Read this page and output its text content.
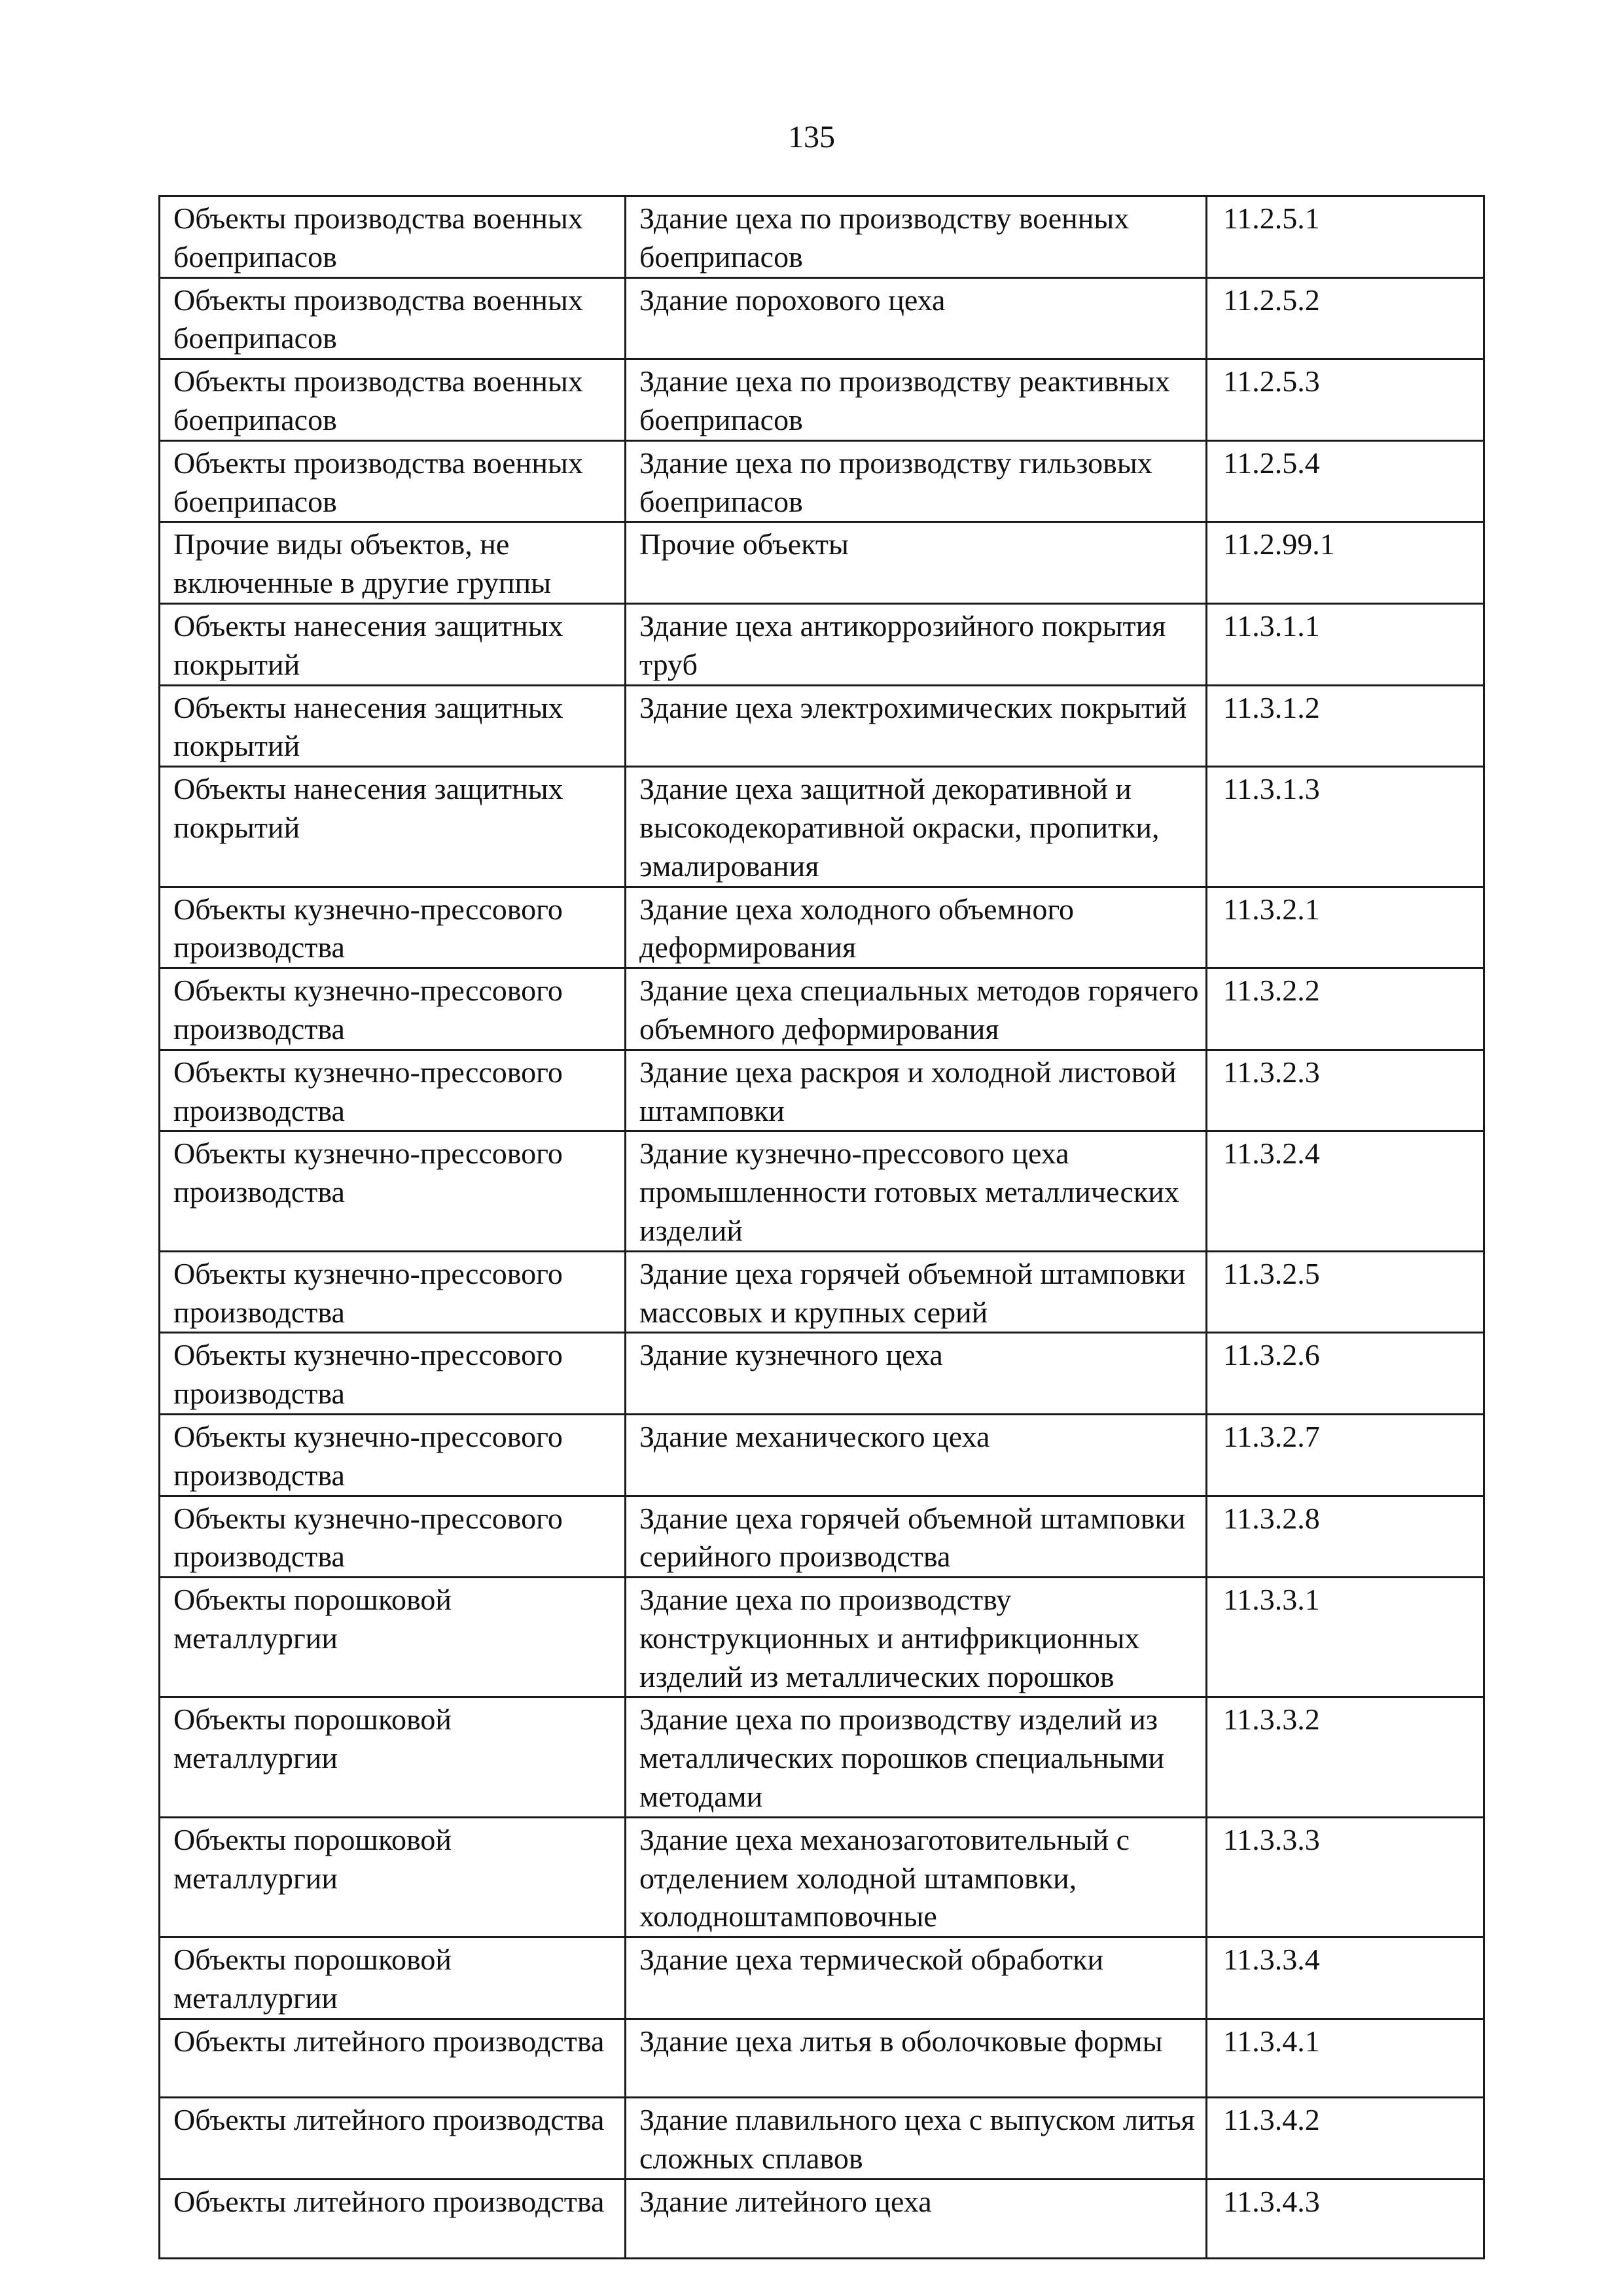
135
Объекты производства военных боеприпасов	Здание цеха по производству военных боеприпасов	11.2.5.1
Объекты производства военных боеприпасов	Здание порохового цеха	11.2.5.2
Объекты производства военных боеприпасов	Здание цеха по производству реактивных боеприпасов	11.2.5.3
Объекты производства военных боеприпасов	Здание цеха по производству гильзовых боеприпасов	11.2.5.4
Прочие виды объектов, не включенные в другие группы	Прочие объекты	11.2.99.1
Объекты нанесения защитных покрытий	Здание цеха антикоррозийного покрытия труб	11.3.1.1
Объекты нанесения защитных покрытий	Здание цеха электрохимических покрытий	11.3.1.2
Объекты нанесения защитных покрытий	Здание цеха защитной декоративной и высокодекоративной окраски, пропитки, эмалирования	11.3.1.3
Объекты кузнечно-прессового производства	Здание цеха холодного объемного деформирования	11.3.2.1
Объекты кузнечно-прессового производства	Здание цеха специальных методов горячего объемного деформирования	11.3.2.2
Объекты кузнечно-прессового производства	Здание цеха раскроя и холодной листовой штамповки	11.3.2.3
Объекты кузнечно-прессового производства	Здание кузнечно-прессового цеха промышленности готовых металлических изделий	11.3.2.4
Объекты кузнечно-прессового производства	Здание цеха горячей объемной штамповки массовых и крупных серий	11.3.2.5
Объекты кузнечно-прессового производства	Здание кузнечного цеха	11.3.2.6
Объекты кузнечно-прессового производства	Здание механического цеха	11.3.2.7
Объекты кузнечно-прессового производства	Здание цеха горячей объемной штамповки серийного производства	11.3.2.8
Объекты порошковой металлургии	Здание цеха по производству конструкционных и антифрикционных изделий из металлических порошков	11.3.3.1
Объекты порошковой металлургии	Здание цеха по производству изделий из металлических порошков специальными методами	11.3.3.2
Объекты порошковой металлургии	Здание цеха механозаготовительный с отделением холодной штамповки, холодноштамповочные	11.3.3.3
Объекты порошковой металлургии	Здание цеха термической обработки	11.3.3.4
Объекты литейного производства	Здание цеха литья в оболочковые формы	11.3.4.1
Объекты литейного производства	Здание плавильного цеха с выпуском литья сложных сплавов	11.3.4.2
Объекты литейного производства	Здание литейного цеха	11.3.4.3
